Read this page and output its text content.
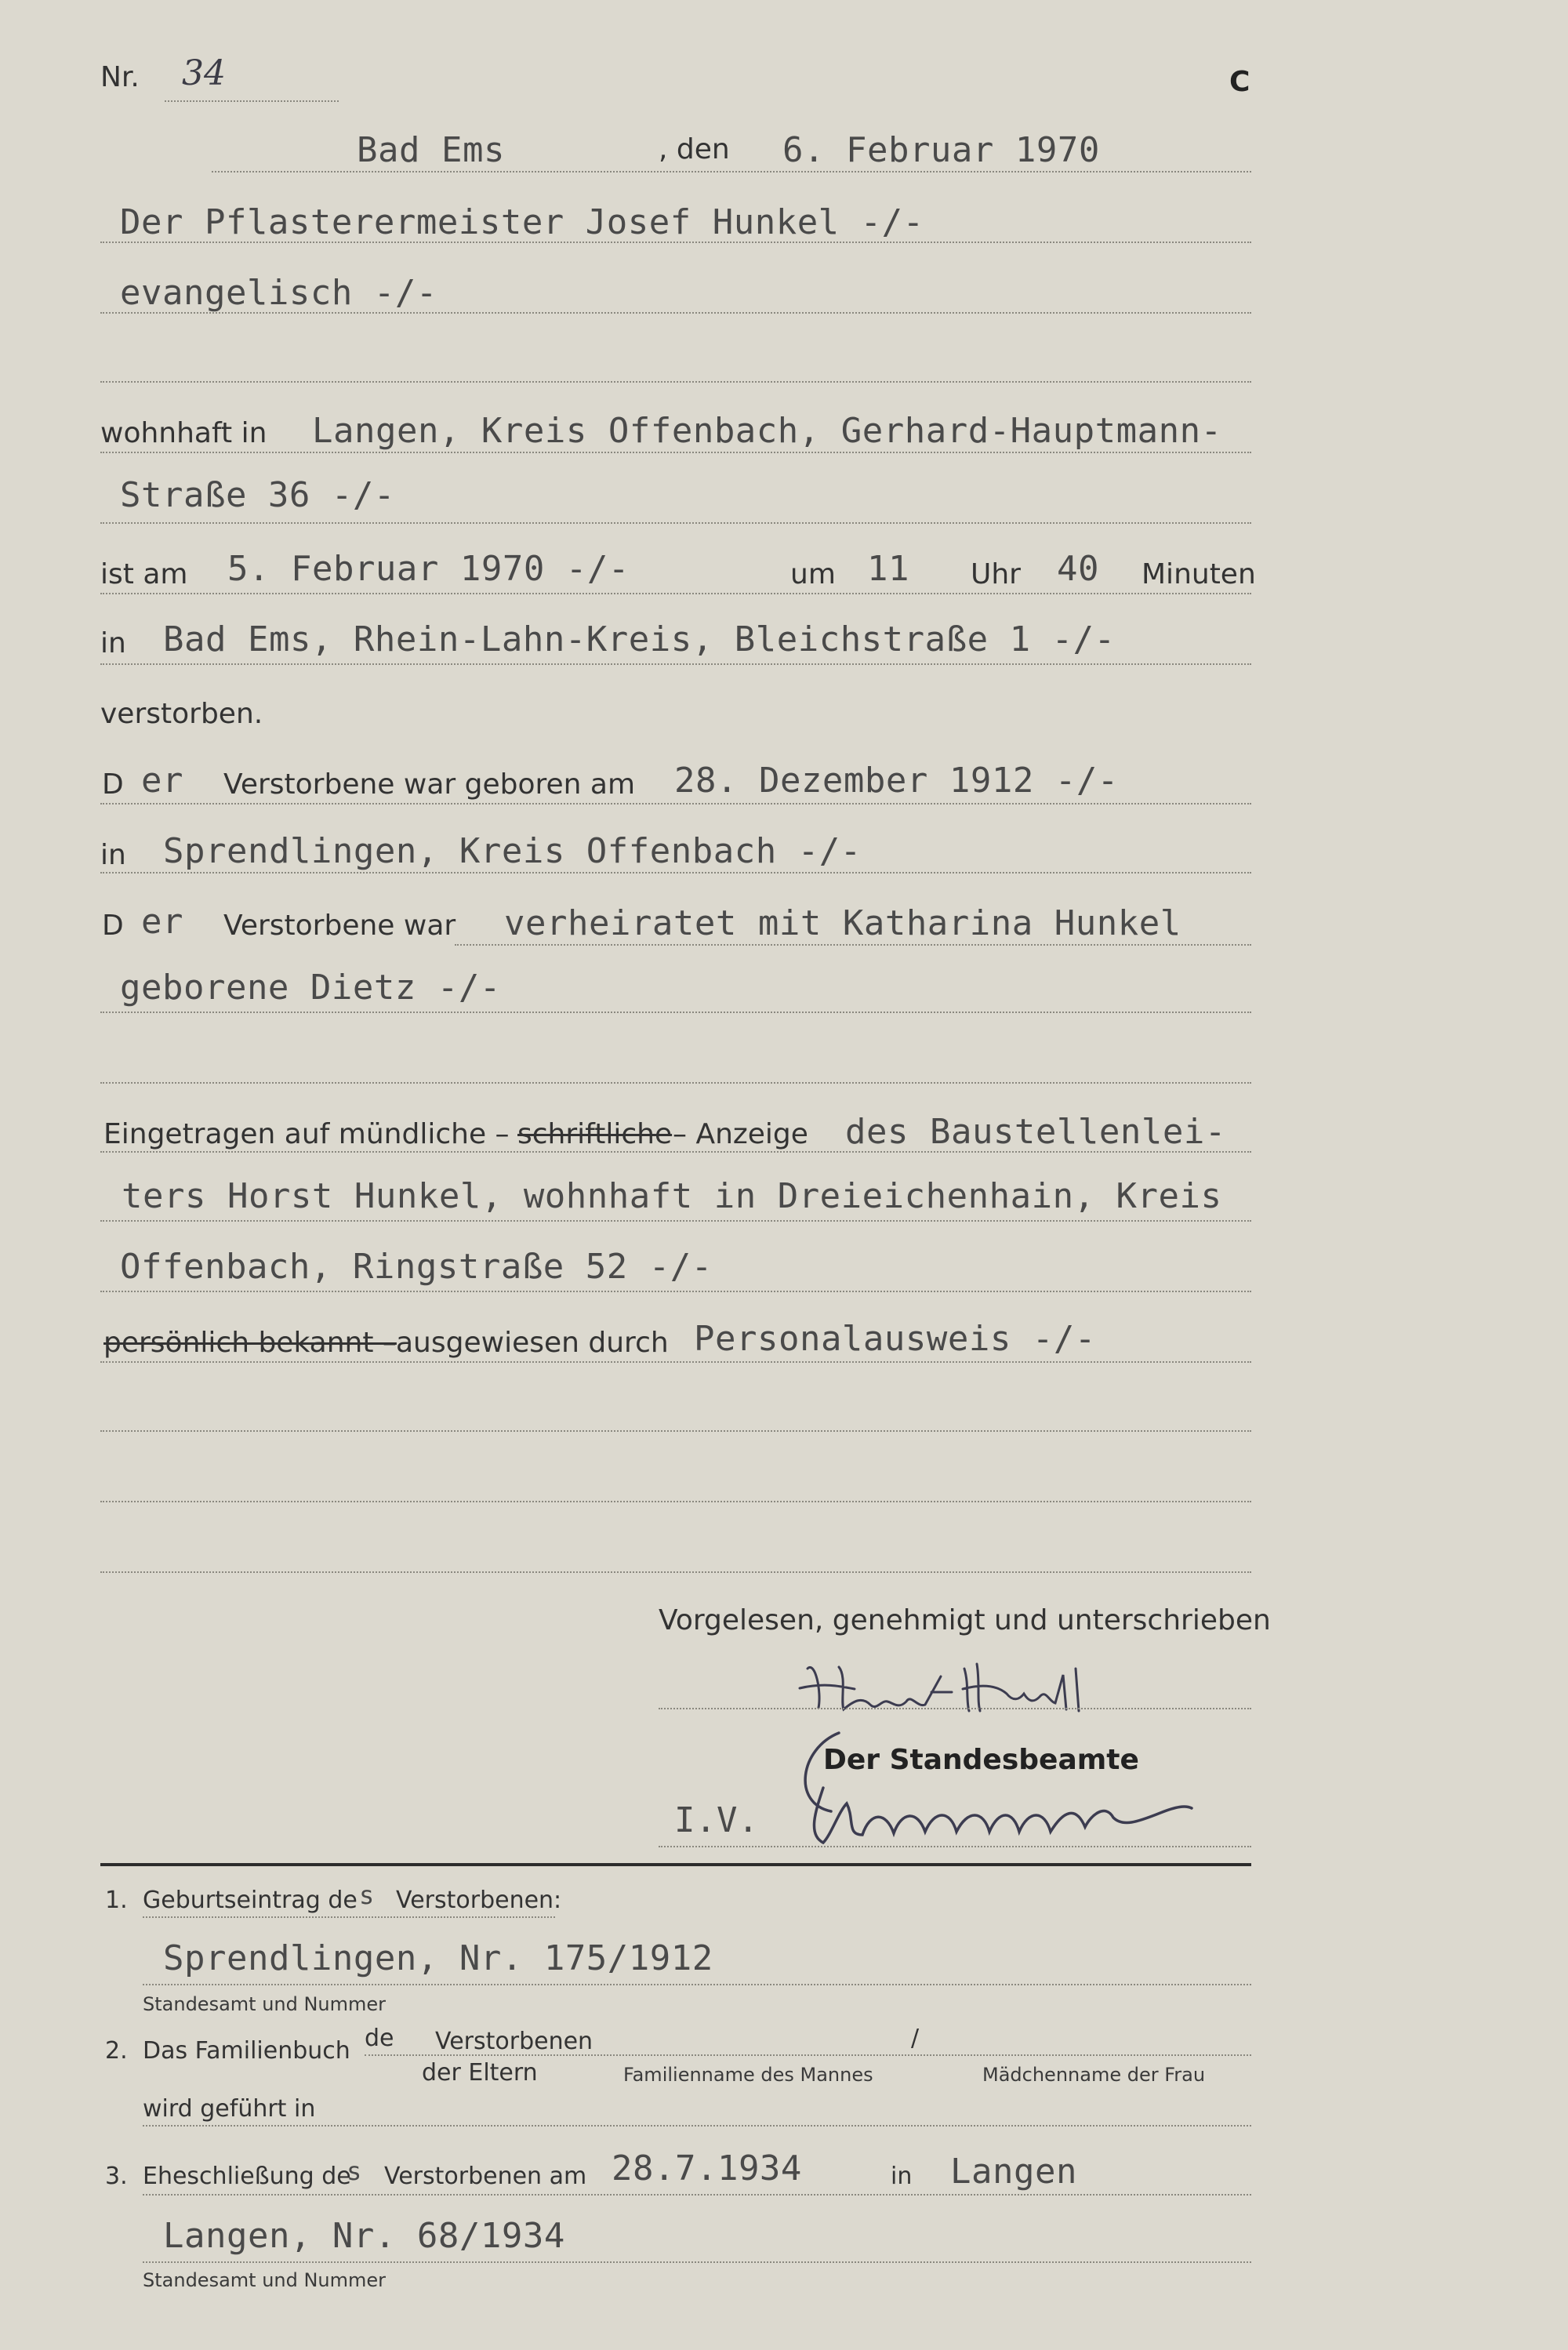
Nr. 34	C
Bad Ems	, den 6. Februar 1970
Der Pflasterermeister Josef Hunkel -/-
evangelisch -/-
wohnhaft in Langen, Kreis Offenbach, Gerhard-Hauptmann-
Straße 36 -/-
ist am 5. Februar 1970 -/-	um 11 Uhr 40 Minuten
in Bad Ems, Rhein-Lahn-Kreis, Bleichstraße 1 -/-
verstorben.
D er Verstorbene war geboren am 28. Dezember 1912 -/-
in Sprendlingen, Kreis Offenbach -/-
D er Verstorbene war verheiratet mit Katharina Hunkel
geborene Dietz -/-
Eingetragen auf mündliche – schriftliche – Anzeige des Baustellenlei-
ters Horst Hunkel, wohnhaft in Dreieichenhain, Kreis
Offenbach, Ringstraße 52 -/-
persönlich bekannt – ausgewiesen durch Personalausweis -/-
Vorgelesen, genehmigt und unterschrieben
Der Standesbeamte
I.V.
1. Geburtseintrag de s Verstorbenen:
Sprendlingen, Nr. 175/1912
Standesamt und Nummer
2. Das Familienbuch de Verstorbenen	/
der Eltern	Familienname des Mannes	Mädchenname der Frau
wird geführt in
3. Eheschließung de
s Verstorbenen am 28.7.1934	in Langen
Langen, Nr. 68/1934
Standesamt und Nummer
